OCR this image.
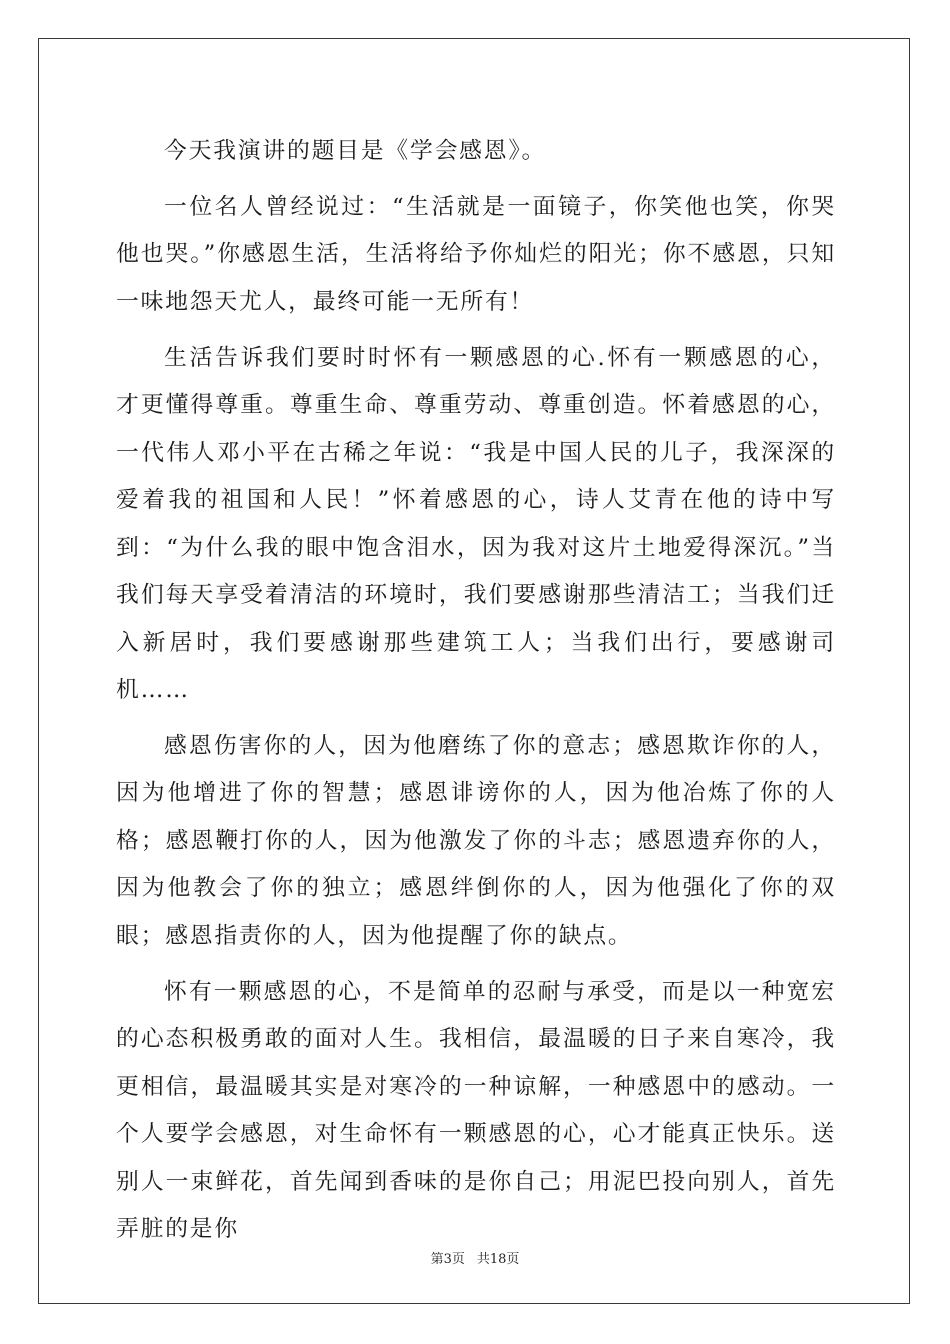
今天我演讲的题目是《学会感恩》。

一位名人曾经说过：“生活就是一面镜子，你笑他也笑，你哭他也哭。”你感恩生活，生活将给予你灿烂的阳光；你不感恩，只知一味地怨天尤人，最终可能一无所有！

生活告诉我们要时时怀有一颗感恩的心.怀有一颗感恩的心，才更懂得尊重。尊重生命、尊重劳动、尊重创造。怀着感恩的心，一代伟人邓小平在古稀之年说：“我是中国人民的儿子，我深深的爱着我的祖国和人民！”怀着感恩的心，诗人艾青在他的诗中写到：“为什么我的眼中饱含泪水，因为我对这片土地爱得深沉。”当我们每天享受着清洁的环境时，我们要感谢那些清洁工；当我们迁入新居时，我们要感谢那些建筑工人；当我们出行，要感谢司机……

感恩伤害你的人，因为他磨练了你的意志；感恩欺诈你的人，因为他增进了你的智慧；感恩诽谤你的人，因为他冶炼了你的人格；感恩鞭打你的人，因为他激发了你的斗志；感恩遗弃你的人，因为他教会了你的独立；感恩绊倒你的人，因为他强化了你的双眼；感恩指责你的人，因为他提醒了你的缺点。

怀有一颗感恩的心，不是简单的忍耐与承受，而是以一种宽宏的心态积极勇敢的面对人生。我相信，最温暖的日子来自寒冷，我更相信，最温暖其实是对寒冷的一种谅解，一种感恩中的感动。一个人要学会感恩，对生命怀有一颗感恩的心，心才能真正快乐。送别人一束鲜花，首先闻到香味的是你自己；用泥巴投向别人，首先弄脏的是你

第3页 共18页
